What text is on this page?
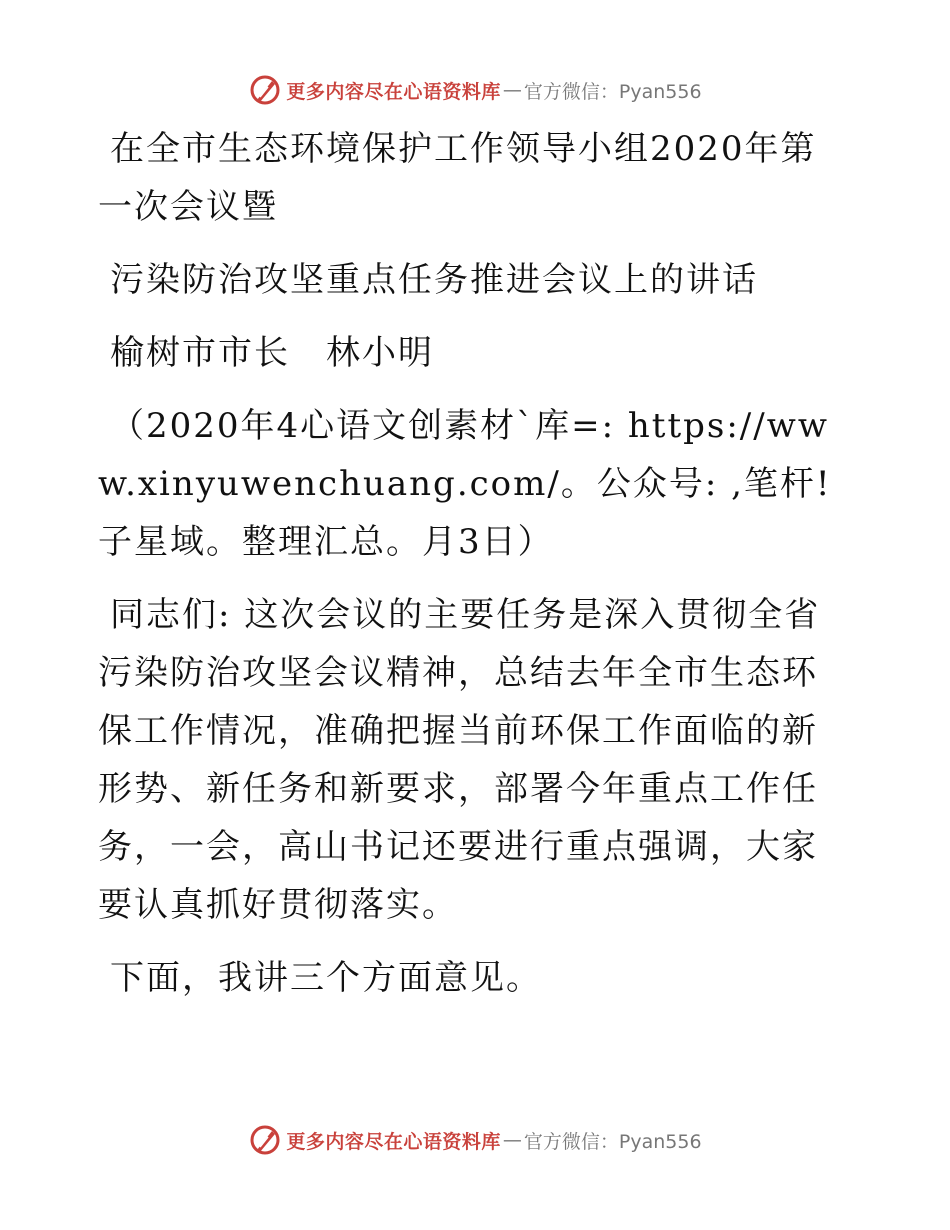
更多内容尽在心语资料库 — 官方微信：Pyan556

在全市生态环境保护工作领导小组2020年第一次会议暨

污染防治攻坚重点任务推进会议上的讲话

榆树市市长　林小明

（2020年4心语文创素材`库=: https://www.xinyuwenchuang.com/。公众号: ,笔杆! 子星域。整理汇总。月3日）

同志们: 这次会议的主要任务是深入贯彻全省污染防治攻坚会议精神，总结去年全市生态环保工作情况，准确把握当前环保工作面临的新形势、新任务和新要求，部署今年重点工作任务，一会，高山书记还要进行重点强调，大家要认真抓好贯彻落实。

下面，我讲三个方面意见。

更多内容尽在心语资料库 — 官方微信：Pyan556
